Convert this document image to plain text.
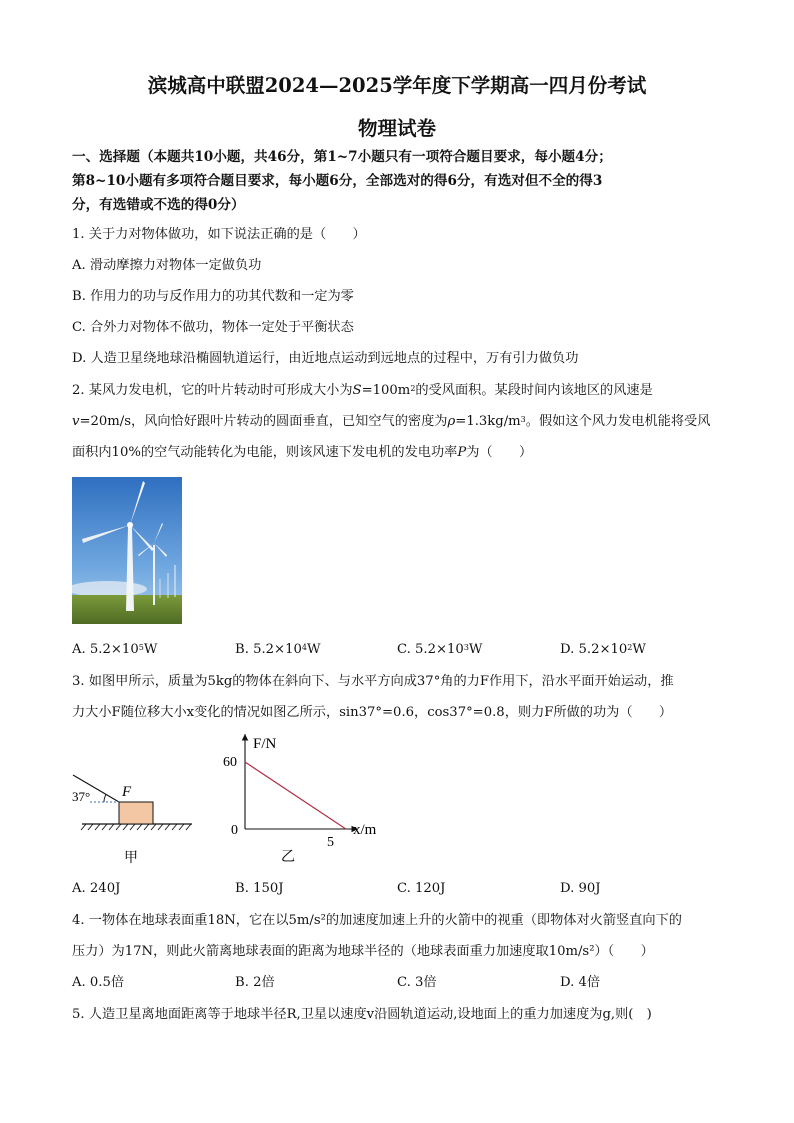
滨城高中联盟2024—2025学年度下学期高一四月份考试
物理试卷
一、选择题（本题共10小题，共46分，第1~7小题只有一项符合题目要求，每小题4分；
第8~10小题有多项符合题目要求，每小题6分，全部选对的得6分，有选对但不全的得3
分，有选错或不选的得0分）
1. 关于力对物体做功，如下说法正确的是（　　）
A. 滑动摩擦力对物体一定做负功
B. 作用力的功与反作用力的功其代数和一定为零
C. 合外力对物体不做功，物体一定处于平衡状态
D. 人造卫星绕地球沿椭圆轨道运行，由近地点运动到远地点的过程中，万有引力做负功
2. 某风力发电机，它的叶片转动时可形成大小为$S=100m^2$的受风面积。某段时间内该地区的风速是
v=20m/s，风向恰好跟叶片转动的圆面垂直，已知空气的密度为$\rho=1.3kg/m^3$。假如这个风力发电机能将受风
面积内10%的空气动能转化为电能，则该风速下发电机的发电功率P为（　　）
A. $5.2\times 10^5W$	B. $5.2\times 10^4W$	C. $5.2\times 10^3W$	D. $5.2\times 10^2W$
3. 如图甲所示，质量为5kg的物体在斜向下、与水平方向成37°角的力F作用下，沿水平面开始运动，推
力大小F随位移大小x变化的情况如图乙所示，sin37°=0.6，cos37°=0.8，则力F所做的功为（　　）
37° F
甲
F/N
x/m
60
0
5
乙
A. 240J	B. 150J	C. 120J	D. 90J
4. 一物体在地球表面重18N，它在以5m/s²的加速度加速上升的火箭中的视重（即物体对火箭竖直向下的
压力）为17N，则此火箭离地球表面的距离为地球半径的（地球表面重力加速度取10m/s²）（　　）
A. 0.5倍	B. 2倍	C. 3倍	D. 4倍
5. 人造卫星离地面距离等于地球半径R,卫星以速度v沿圆轨道运动,设地面上的重力加速度为g,则(　)
